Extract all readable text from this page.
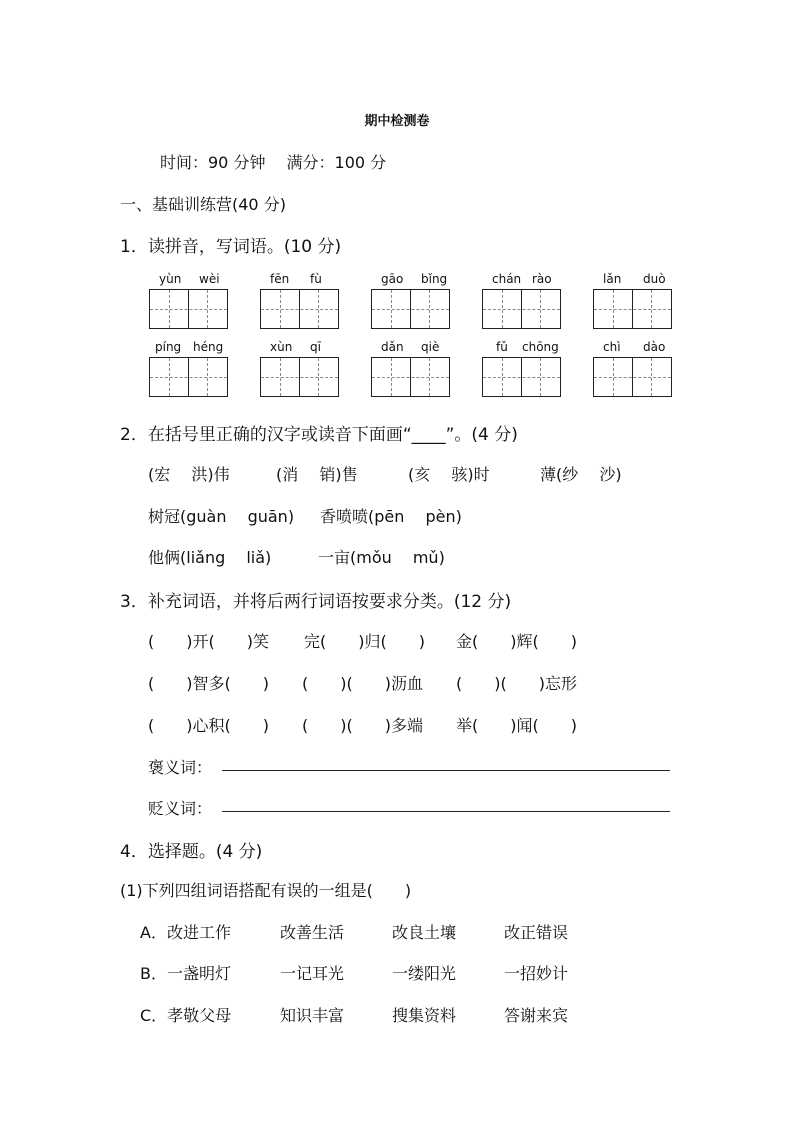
期中检测卷
时间：90 分钟　 满分：100 分
一、基础训练营(40 分)
1．读拼音，写词语。(10 分)
yùn wèi	fēn fù	gāo bǐng	chán rào	lǎn duò
píng héng	xùn qī	dǎn qiè	fǔ chōng	chì dào
2．在括号里正确的汉字或读音下面画“____”。(4 分)
(宏　 洪)伟	(消　 销)售	(亥　 骇)时	薄(纱　 沙)
树冠(guàn　 guān) 香喷喷(pēn　 pèn)
他俩(liǎng　 liǎ)	一亩(mǒu　 mǔ)
3．补充词语，并将后两行词语按要求分类。(12 分)
(　　)开(　　)笑 完(　　)归(　　) 金(　　)辉(　　)
(　　)智多(　　) (　　)(　　)沥血 (　　)(　　)忘形
(　　)心积(　　) (　　)(　　)多端 举(　　)闻(　　)
褒义词：
贬义词：
4．选择题。(4 分)
(1)下列四组词语搭配有误的一组是(　　)
A．改进工作	改善生活	改良土壤	改正错误
B．一盏明灯	一记耳光	一缕阳光	一招妙计
C．孝敬父母	知识丰富	搜集资料	答谢来宾
